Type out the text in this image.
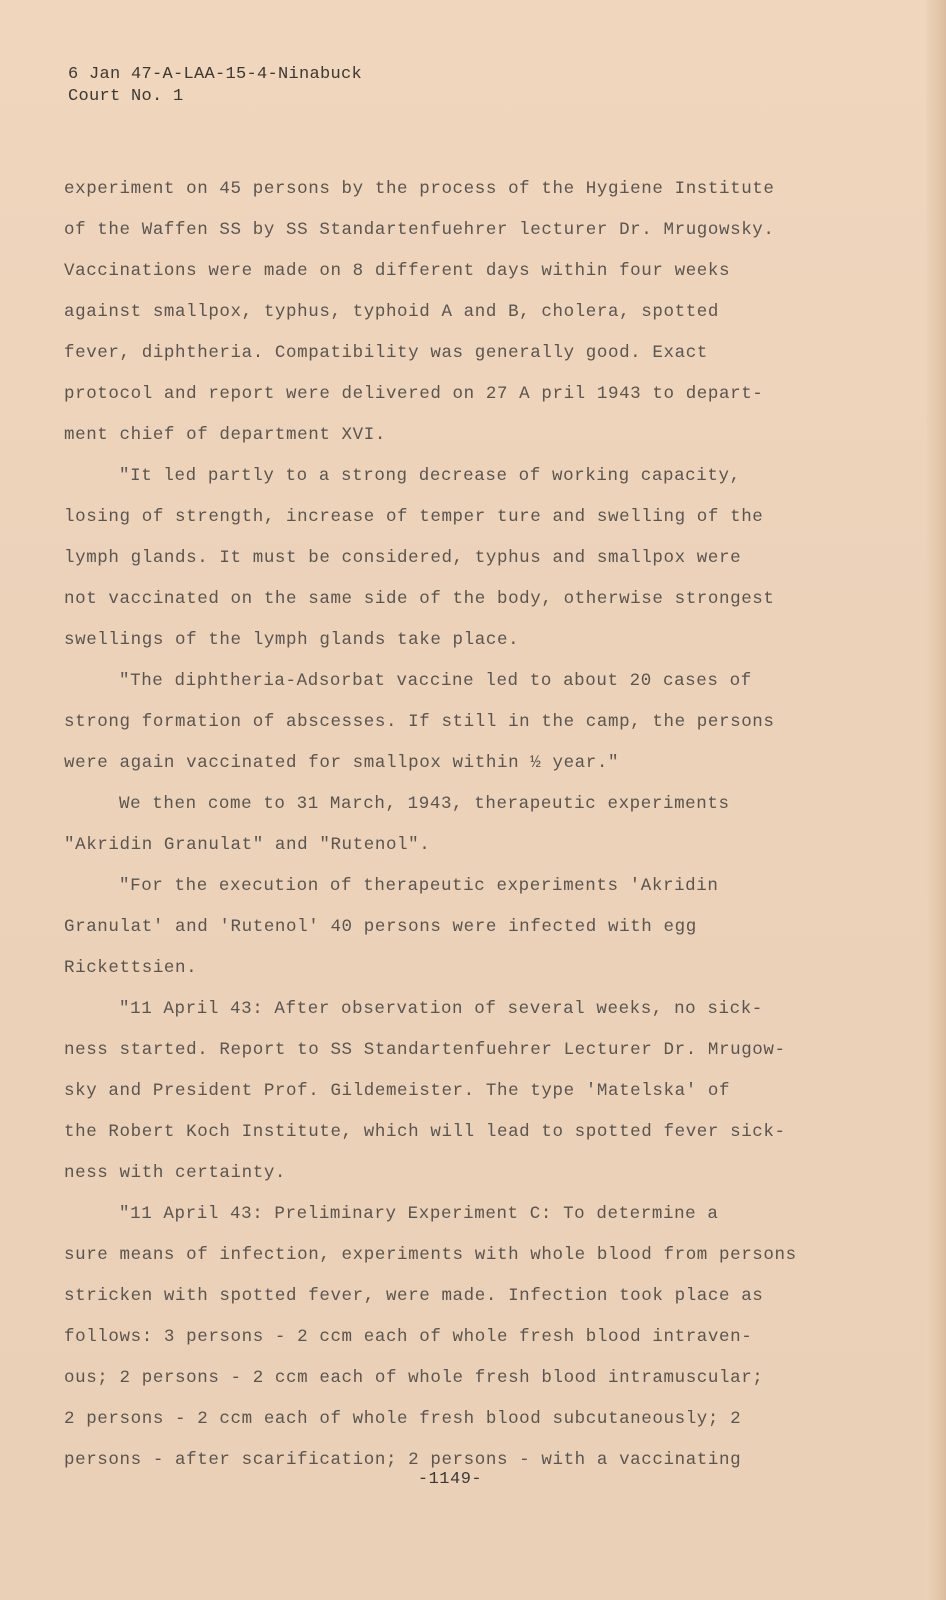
6 Jan 47-A-LAA-15-4-Ninabuck
Court No. 1
experiment on 45 persons by the process of the Hygiene Institute
of the Waffen SS by SS Standartenfuehrer lecturer Dr. Mrugowsky.
Vaccinations were made on 8 different days within four weeks
against smallpox, typhus, typhoid A and B, cholera, spotted
fever, diphtheria. Compatibility was generally good. Exact
protocol and report were delivered on 27 A pril 1943 to depart-
ment chief of department XVI.
"It led partly to a strong decrease of working capacity,
losing of strength, increase of temper ture and swelling of the
lymph glands. It must be considered, typhus and smallpox were
not vaccinated on the same side of the body, otherwise strongest
swellings of the lymph glands take place.
"The diphtheria-Adsorbat vaccine led to about 20 cases of
strong formation of abscesses. If still in the camp, the persons
were again vaccinated for smallpox within ½ year."
We then come to 31 March, 1943, therapeutic experiments
"Akridin Granulat" and "Rutenol".
"For the execution of therapeutic experiments 'Akridin
Granulat' and 'Rutenol' 40 persons were infected with egg
Rickettsien.
"11 April 43: After observation of several weeks, no sick-
ness started. Report to SS Standartenfuehrer Lecturer Dr. Mrugow-
sky and President Prof. Gildemeister. The type 'Matelska' of
the Robert Koch Institute, which will lead to spotted fever sick-
ness with certainty.
"11 April 43: Preliminary Experiment C: To determine a
sure means of infection, experiments with whole blood from persons
stricken with spotted fever, were made. Infection took place as
follows: 3 persons - 2 ccm each of whole fresh blood intraven-
ous; 2 persons - 2 ccm each of whole fresh blood intramuscular;
2 persons - 2 ccm each of whole fresh blood subcutaneously; 2
persons - after scarification; 2 persons - with a vaccinating
-1149-
